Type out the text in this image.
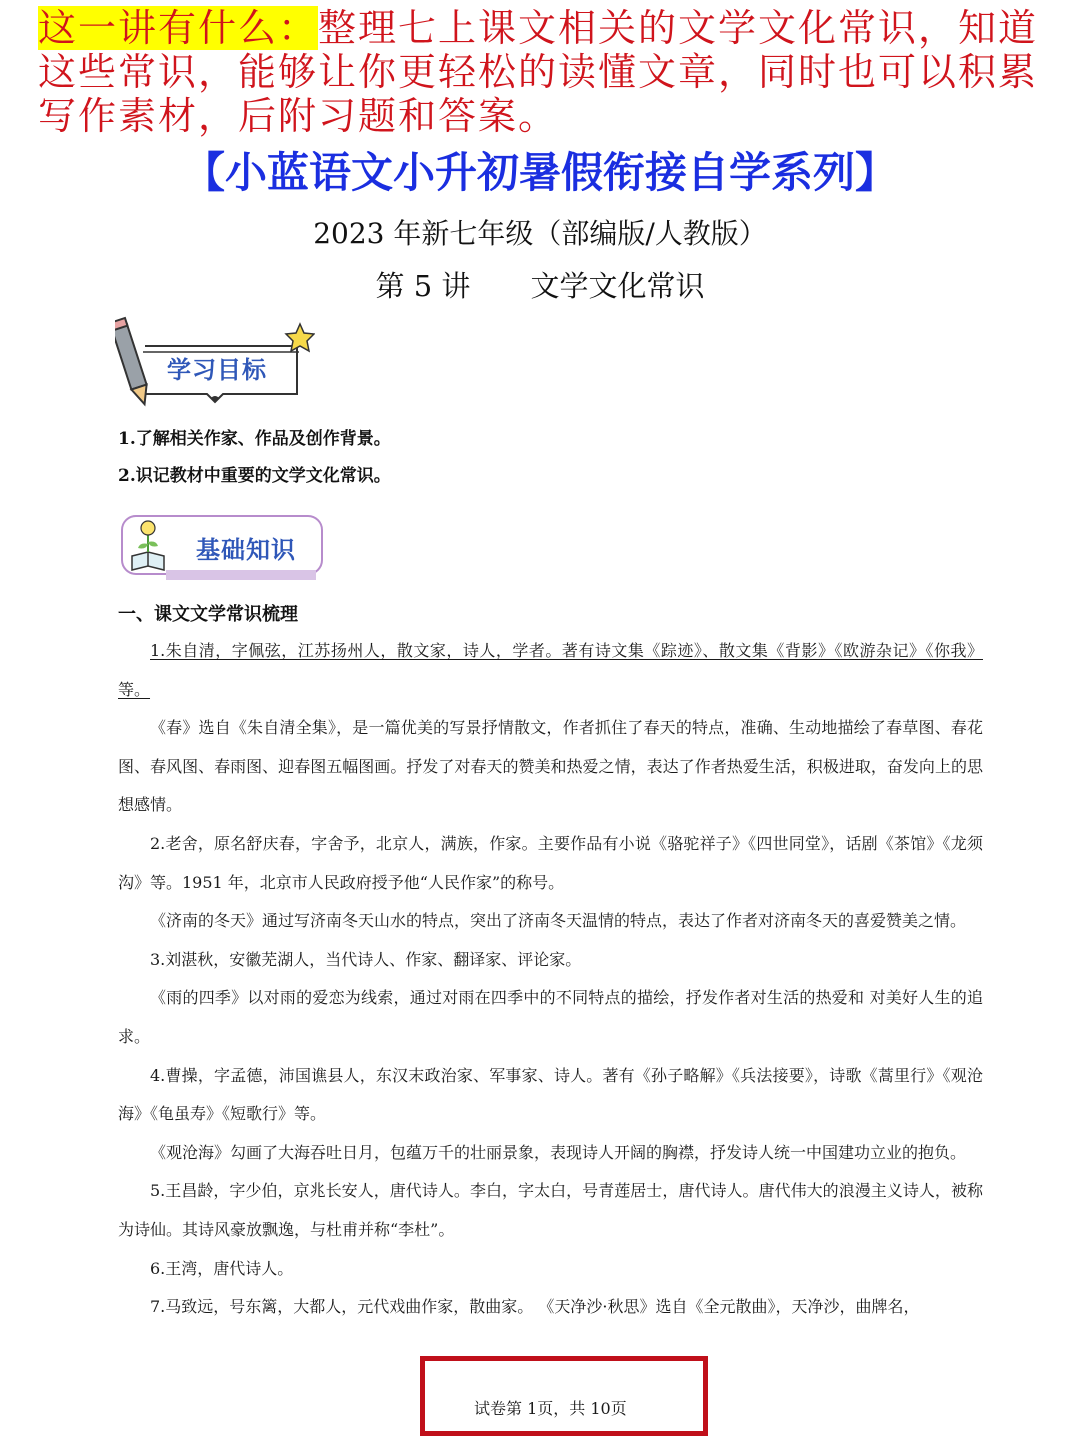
这一讲有什么：整理七上课文相关的文学文化常识，知道这些常识，能够让你更轻松的读懂文章，同时也可以积累写作素材，后附习题和答案。
【小蓝语文小升初暑假衔接自学系列】
2023 年新七年级（部编版/人教版）
第 5 讲 文学文化常识
学习目标
1.了解相关作家、作品及创作背景。
2.识记教材中重要的文学文化常识。
基础知识
一、课文文学常识梳理

1.朱自清，字佩弦，江苏扬州人，散文家，诗人，学者。著有诗文集《踪迹》、散文集《背影》《欧游杂记》《你我》等。

《春》选自《朱自清全集》，是一篇优美的写景抒情散文，作者抓住了春天的特点，准确、生动地描绘了春草图、春花图、春风图、春雨图、迎春图五幅图画。抒发了对春天的赞美和热爱之情，表达了作者热爱生活，积极进取，奋发向上的思想感情。

2.老舍，原名舒庆春，字舍予，北京人，满族，作家。主要作品有小说《骆驼祥子》《四世同堂》，话剧《茶馆》《龙须沟》等。1951 年，北京市人民政府授予他“人民作家”的称号。

《济南的冬天》通过写济南冬天山水的特点，突出了济南冬天温情的特点，表达了作者对济南冬天的喜爱赞美之情。

3.刘湛秋，安徽芜湖人，当代诗人、作家、翻译家、评论家。

《雨的四季》以对雨的爱恋为线索，通过对雨在四季中的不同特点的描绘，抒发作者对生活的热爱和 对美好人生的追求。

4.曹操，字孟德，沛国谯县人，东汉末政治家、军事家、诗人。著有《孙子略解》《兵法接要》，诗歌《蒿里行》《观沧海》《龟虽寿》《短歌行》等。

《观沧海》勾画了大海吞吐日月，包蕴万千的壮丽景象，表现诗人开阔的胸襟，抒发诗人统一中国建功立业的抱负。

5.王昌龄，字少伯，京兆长安人，唐代诗人。李白，字太白，号青莲居士，唐代诗人。唐代伟大的浪漫主义诗人，被称为诗仙。其诗风豪放飘逸，与杜甫并称“李杜”。

6.王湾，唐代诗人。

7.马致远，号东篱，大都人，元代戏曲作家，散曲家。 《天净沙·秋思》选自《全元散曲》，天净沙，曲牌名，

试卷第 1页，共 10页
